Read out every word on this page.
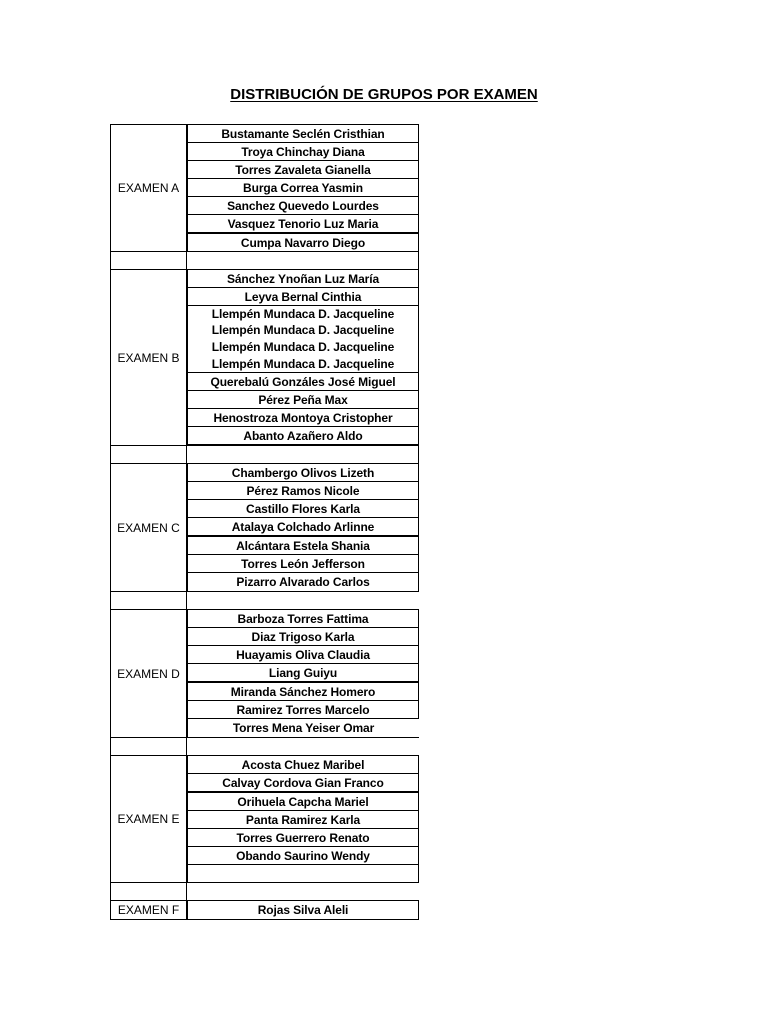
DISTRIBUCIÓN DE GRUPOS POR EXAMEN
EXAMEN A
Bustamante Seclén Cristhian
Troya Chinchay Diana
Torres Zavaleta Gianella
Burga Correa Yasmin
Sanchez Quevedo Lourdes
Vasquez Tenorio Luz Maria
Cumpa Navarro Diego
EXAMEN B
Sánchez Ynoñan Luz María
Leyva Bernal Cinthia
Llempén Mundaca D. Jacqueline
Llempén Mundaca D. Jacqueline
Llempén Mundaca D. Jacqueline
Llempén Mundaca D. Jacqueline
Querebalú Gonzáles José Miguel
Pérez Peña Max
Henostroza Montoya Cristopher
Abanto Azañero Aldo
EXAMEN C
Chambergo Olivos Lizeth
Pérez Ramos Nicole
Castillo Flores Karla
Atalaya Colchado Arlinne
Alcántara Estela Shania
Torres León Jefferson
Pizarro Alvarado Carlos
EXAMEN D
Barboza Torres Fattima
Diaz Trigoso Karla
Huayamis Oliva Claudia
Liang Guiyu
Miranda Sánchez Homero
Ramirez Torres Marcelo
Torres Mena Yeiser Omar
EXAMEN E
Acosta Chuez Maribel
Calvay Cordova Gian Franco
Orihuela Capcha Mariel
Panta Ramirez Karla
Torres Guerrero Renato
Obando Saurino Wendy
EXAMEN F	Rojas Silva Aleli
